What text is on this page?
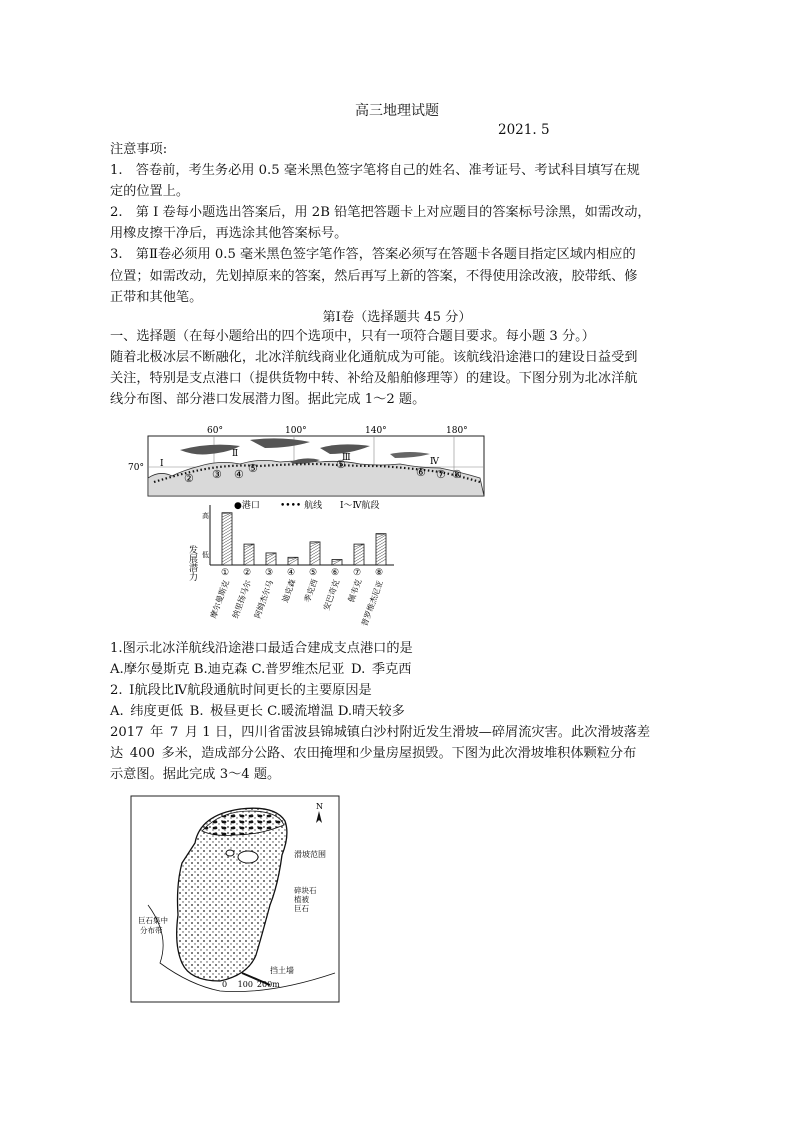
高三地理试题
2021. 5
注意事项:
1. 答卷前，考生务必用 0.5 毫米黑色签字笔将自己的姓名、准考证号、考试科目填写在规
定的位置上。
2. 第 I 卷每小题选出答案后，用 2B 铅笔把答题卡上对应题目的答案标号涂黑，如需改动，
用橡皮擦干净后，再选涂其他答案标号。
3. 第Ⅱ卷必须用 0.5 毫米黑色签字笔作答，答案必须写在答题卡各题目指定区域内相应的
位置；如需改动，先划掉原来的答案，然后再写上新的答案，不得使用涂改液，胶带纸、修
正带和其他笔。
第Ⅰ卷（选择题共 45 分）
一、选择题（在每小题给出的四个选项中，只有一项符合题目要求。每小题 3 分。）
随着北极冰层不断融化，北冰洋航线商业化通航成为可能。该航线沿途港口的建设日益受到
关注，特别是支点港口（提供货物中转、补给及船舶修理等）的建设。下图分别为北冰洋航
线分布图、部分港口发展潜力图。据此完成 1～2 题。
60°	100°	140°	180°
70° Ⅰ
Ⅱ	Ⅲ	Ⅳ
② ③ ④ ⑤	⑤
⑥ ⑦ ⑧
●港口 •••• 航线 Ⅰ～Ⅳ航段
发展潜力
高
低
①
摩尔曼斯克
②
纳里扬马尔
③
阿姆杰尔马
④
迪克森
⑤
季克西
⑥
安巴奇克
⑦
佩韦克
⑧
普罗维杰尼亚
1.图示北冰洋航线沿途港口最适合建成支点港口的是
A.摩尔曼斯克 B.迪克森 C.普罗维杰尼亚 D. 季克西
2. Ⅰ航段比Ⅳ航段通航时间更长的主要原因是
A. 纬度更低 B. 极昼更长 C.暖流增温 D.晴天较多
2017 年 7 月 1 日，四川省雷波县锦城镇白沙村附近发生滑坡—碎屑流灾害。此次滑坡落差
达 400 多米，造成部分公路、农田掩埋和少量房屋损毁。下图为此次滑坡堆积体颗粒分布
示意图。据此完成 3～4 题。
N
滑坡范围
碎块石
植被
巨石
巨石集中
分布带
挡土墙
0  100 200m
